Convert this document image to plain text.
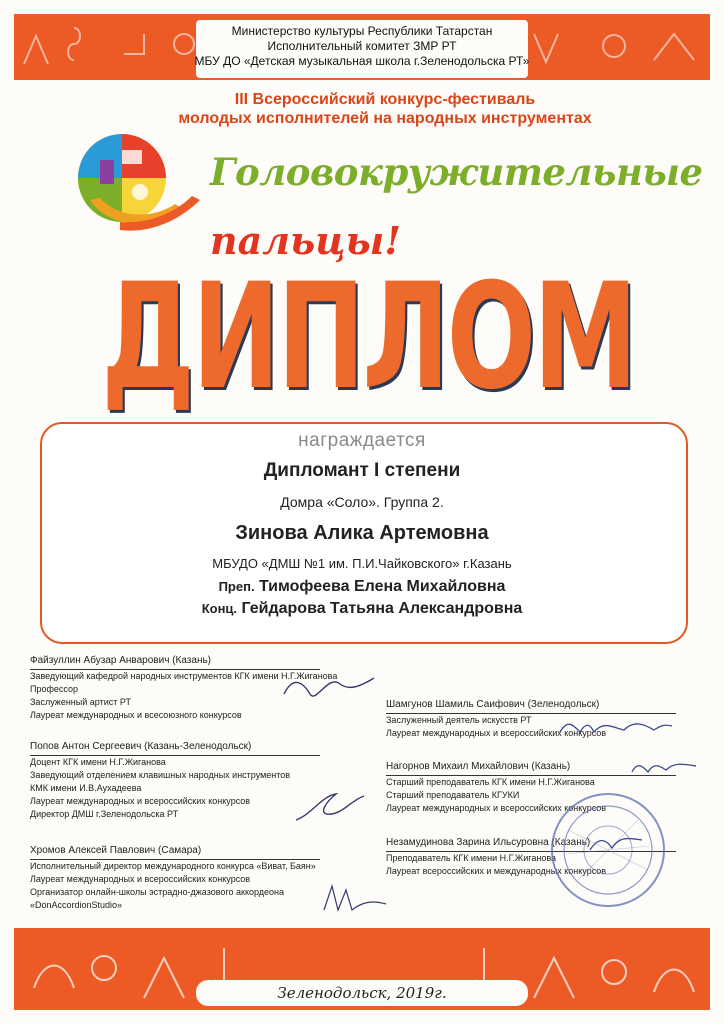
Министерство культуры Республики Татарстан
Исполнительный комитет ЗМР РТ
МБУ ДО «Детская музыкальная школа г.Зеленодольска РТ»
III Всероссийский конкурс-фестиваль
молодых исполнителей на народных инструментах
Головокружительные
пальцы!
ДИПЛОМ
награждается
Дипломант I степени
Домра «Соло». Группа 2.
Зинова Алика Артемовна
МБУДО «ДМШ №1 им. П.И.Чайковского» г.Казань
Преп. Тимофеева Елена Михайловна
Конц. Гейдарова Татьяна Александровна
Файзуллин Абузар Анварович (Казань)
Заведующий кафедрой народных инструментов КГК имени Н.Г.Жиганова
Профессор
Заслуженный артист РТ
Лауреат международных и всесоюзного конкурсов
Попов Антон Сергеевич (Казань-Зеленодольск)
Доцент КГК имени Н.Г.Жиганова
Заведующий отделением клавишных народных инструментов
КМК имени И.В.Аухадеева
Лауреат международных и всероссийских конкурсов
Директор ДМШ г.Зеленодольска РТ
Хромов Алексей Павлович (Самара)
Исполнительный директор международного конкурса «Виват, Баян»
Лауреат международных и всероссийских конкурсов
Организатор онлайн-школы эстрадно-джазового аккордеона
«DonAccordionStudio»
Шамгунов Шамиль Саифович (Зеленодольск)
Заслуженный деятель искусств РТ
Лауреат международных и всероссийских конкурсов
Нагорнов Михаил Михайлович (Казань)
Старший преподаватель КГК имени Н.Г.Жиганова
Старший преподаватель КГУКИ
Лауреат международных и всероссийских конкурсов
Незамудинова Зарина Ильсуровна (Казань)
Преподаватель КГК имени Н.Г.Жиганова
Лауреат всероссийских и международных конкурсов
Зеленодольск, 2019г.
